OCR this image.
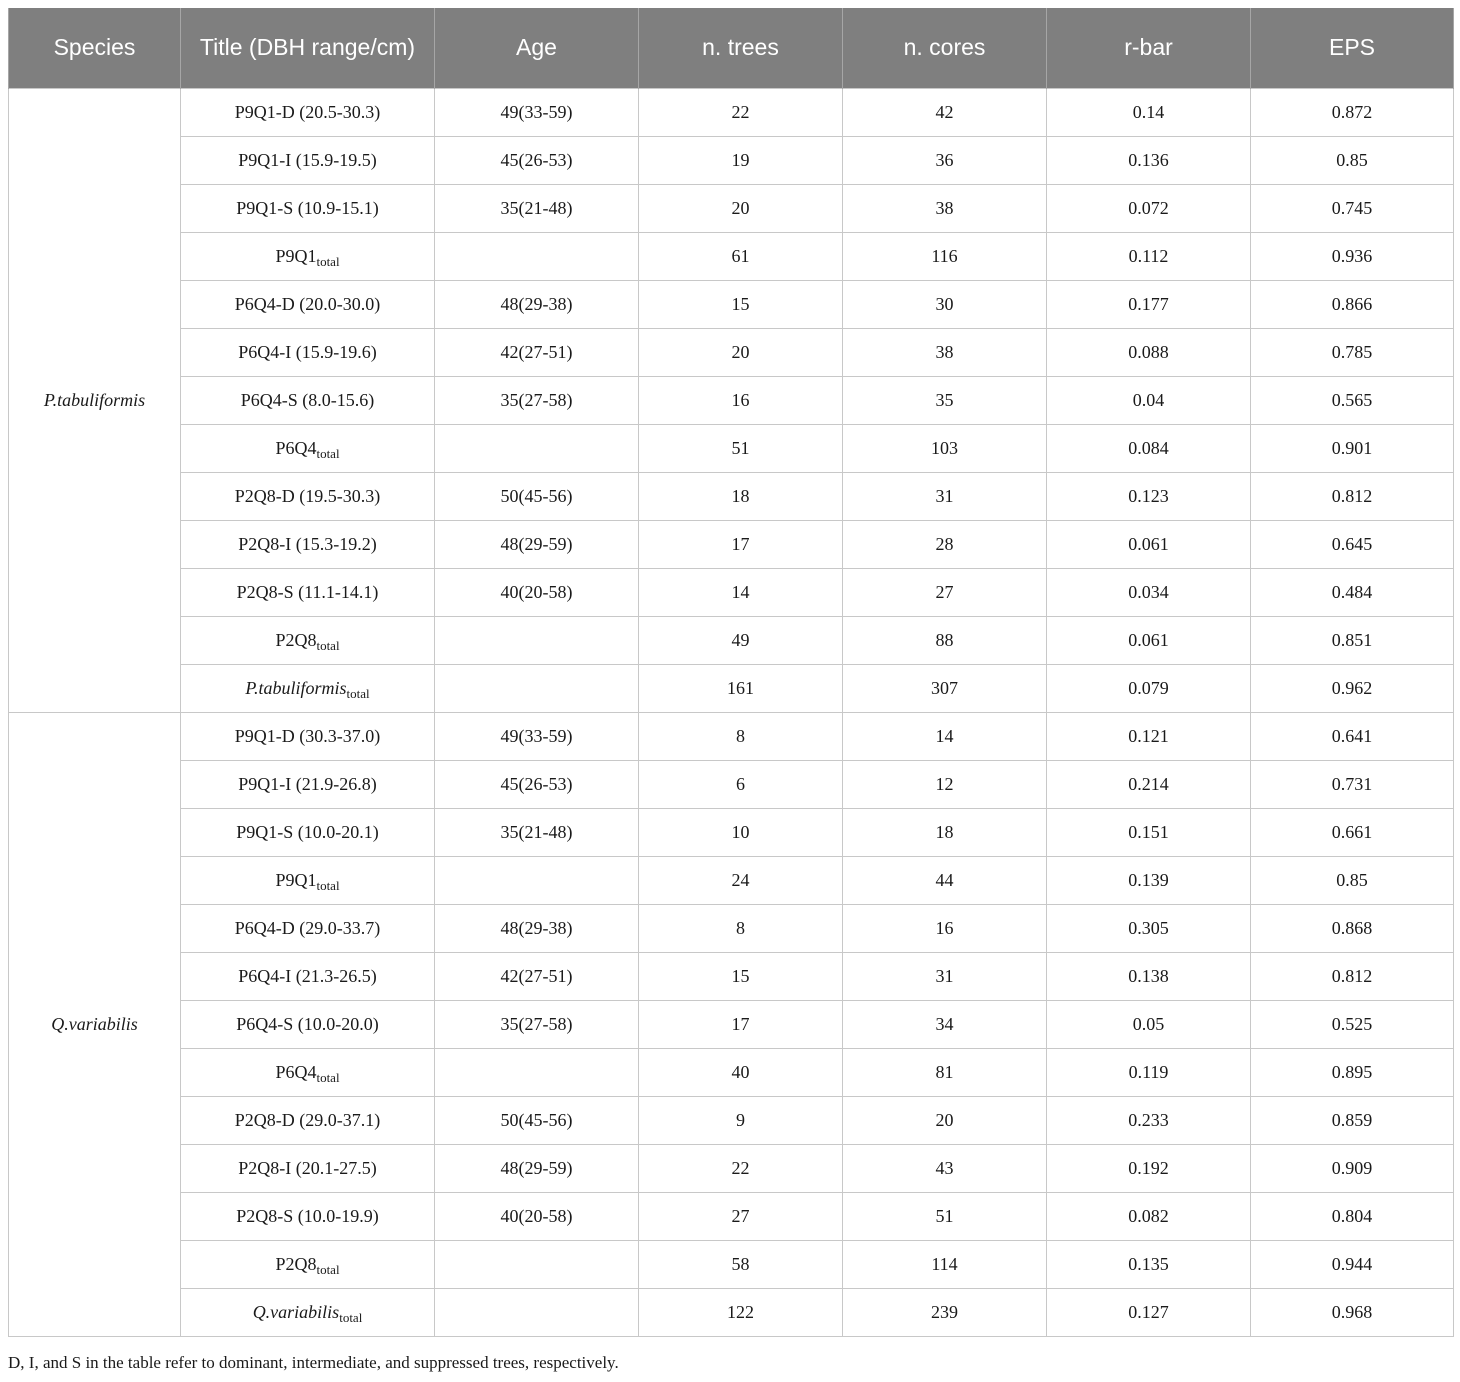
Species	Title (DBH range/cm)	Age	n. trees	n. cores	r-bar	EPS
P.tabuliformis	P9Q1-D (20.5-30.3)	49(33-59)	22	42	0.14	0.872
	P9Q1-I (15.9-19.5)	45(26-53)	19	36	0.136	0.85
	P9Q1-S (10.9-15.1)	35(21-48)	20	38	0.072	0.745
	$P9Q1_{total}$		61	116	0.112	0.936
	P6Q4-D (20.0-30.0)	48(29-38)	15	30	0.177	0.866
	P6Q4-I (15.9-19.6)	42(27-51)	20	38	0.088	0.785
	P6Q4-S (8.0-15.6)	35(27-58)	16	35	0.04	0.565
	$P6Q4_{total}$		51	103	0.084	0.901
	P2Q8-D (19.5-30.3)	50(45-56)	18	31	0.123	0.812
	P2Q8-I (15.3-19.2)	48(29-59)	17	28	0.061	0.645
	P2Q8-S (11.1-14.1)	40(20-58)	14	27	0.034	0.484
	$P2Q8_{total}$		49	88	0.061	0.851
	P.tabuliformis$_{total}$		161	307	0.079	0.962
Q.variabilis	P9Q1-D (30.3-37.0)	49(33-59)	8	14	0.121	0.641
	P9Q1-I (21.9-26.8)	45(26-53)	6	12	0.214	0.731
	P9Q1-S (10.0-20.1)	35(21-48)	10	18	0.151	0.661
	$P9Q1_{total}$		24	44	0.139	0.85
	P6Q4-D (29.0-33.7)	48(29-38)	8	16	0.305	0.868
	P6Q4-I (21.3-26.5)	42(27-51)	15	31	0.138	0.812
	P6Q4-S (10.0-20.0)	35(27-58)	17	34	0.05	0.525
	$P6Q4_{total}$		40	81	0.119	0.895
	P2Q8-D (29.0-37.1)	50(45-56)	9	20	0.233	0.859
	P2Q8-I (20.1-27.5)	48(29-59)	22	43	0.192	0.909
	P2Q8-S (10.0-19.9)	40(20-58)	27	51	0.082	0.804
	$P2Q8_{total}$		58	114	0.135	0.944
	Q.variabilis$_{total}$		122	239	0.127	0.968
D, I, and S in the table refer to dominant, intermediate, and suppressed trees, respectively.
